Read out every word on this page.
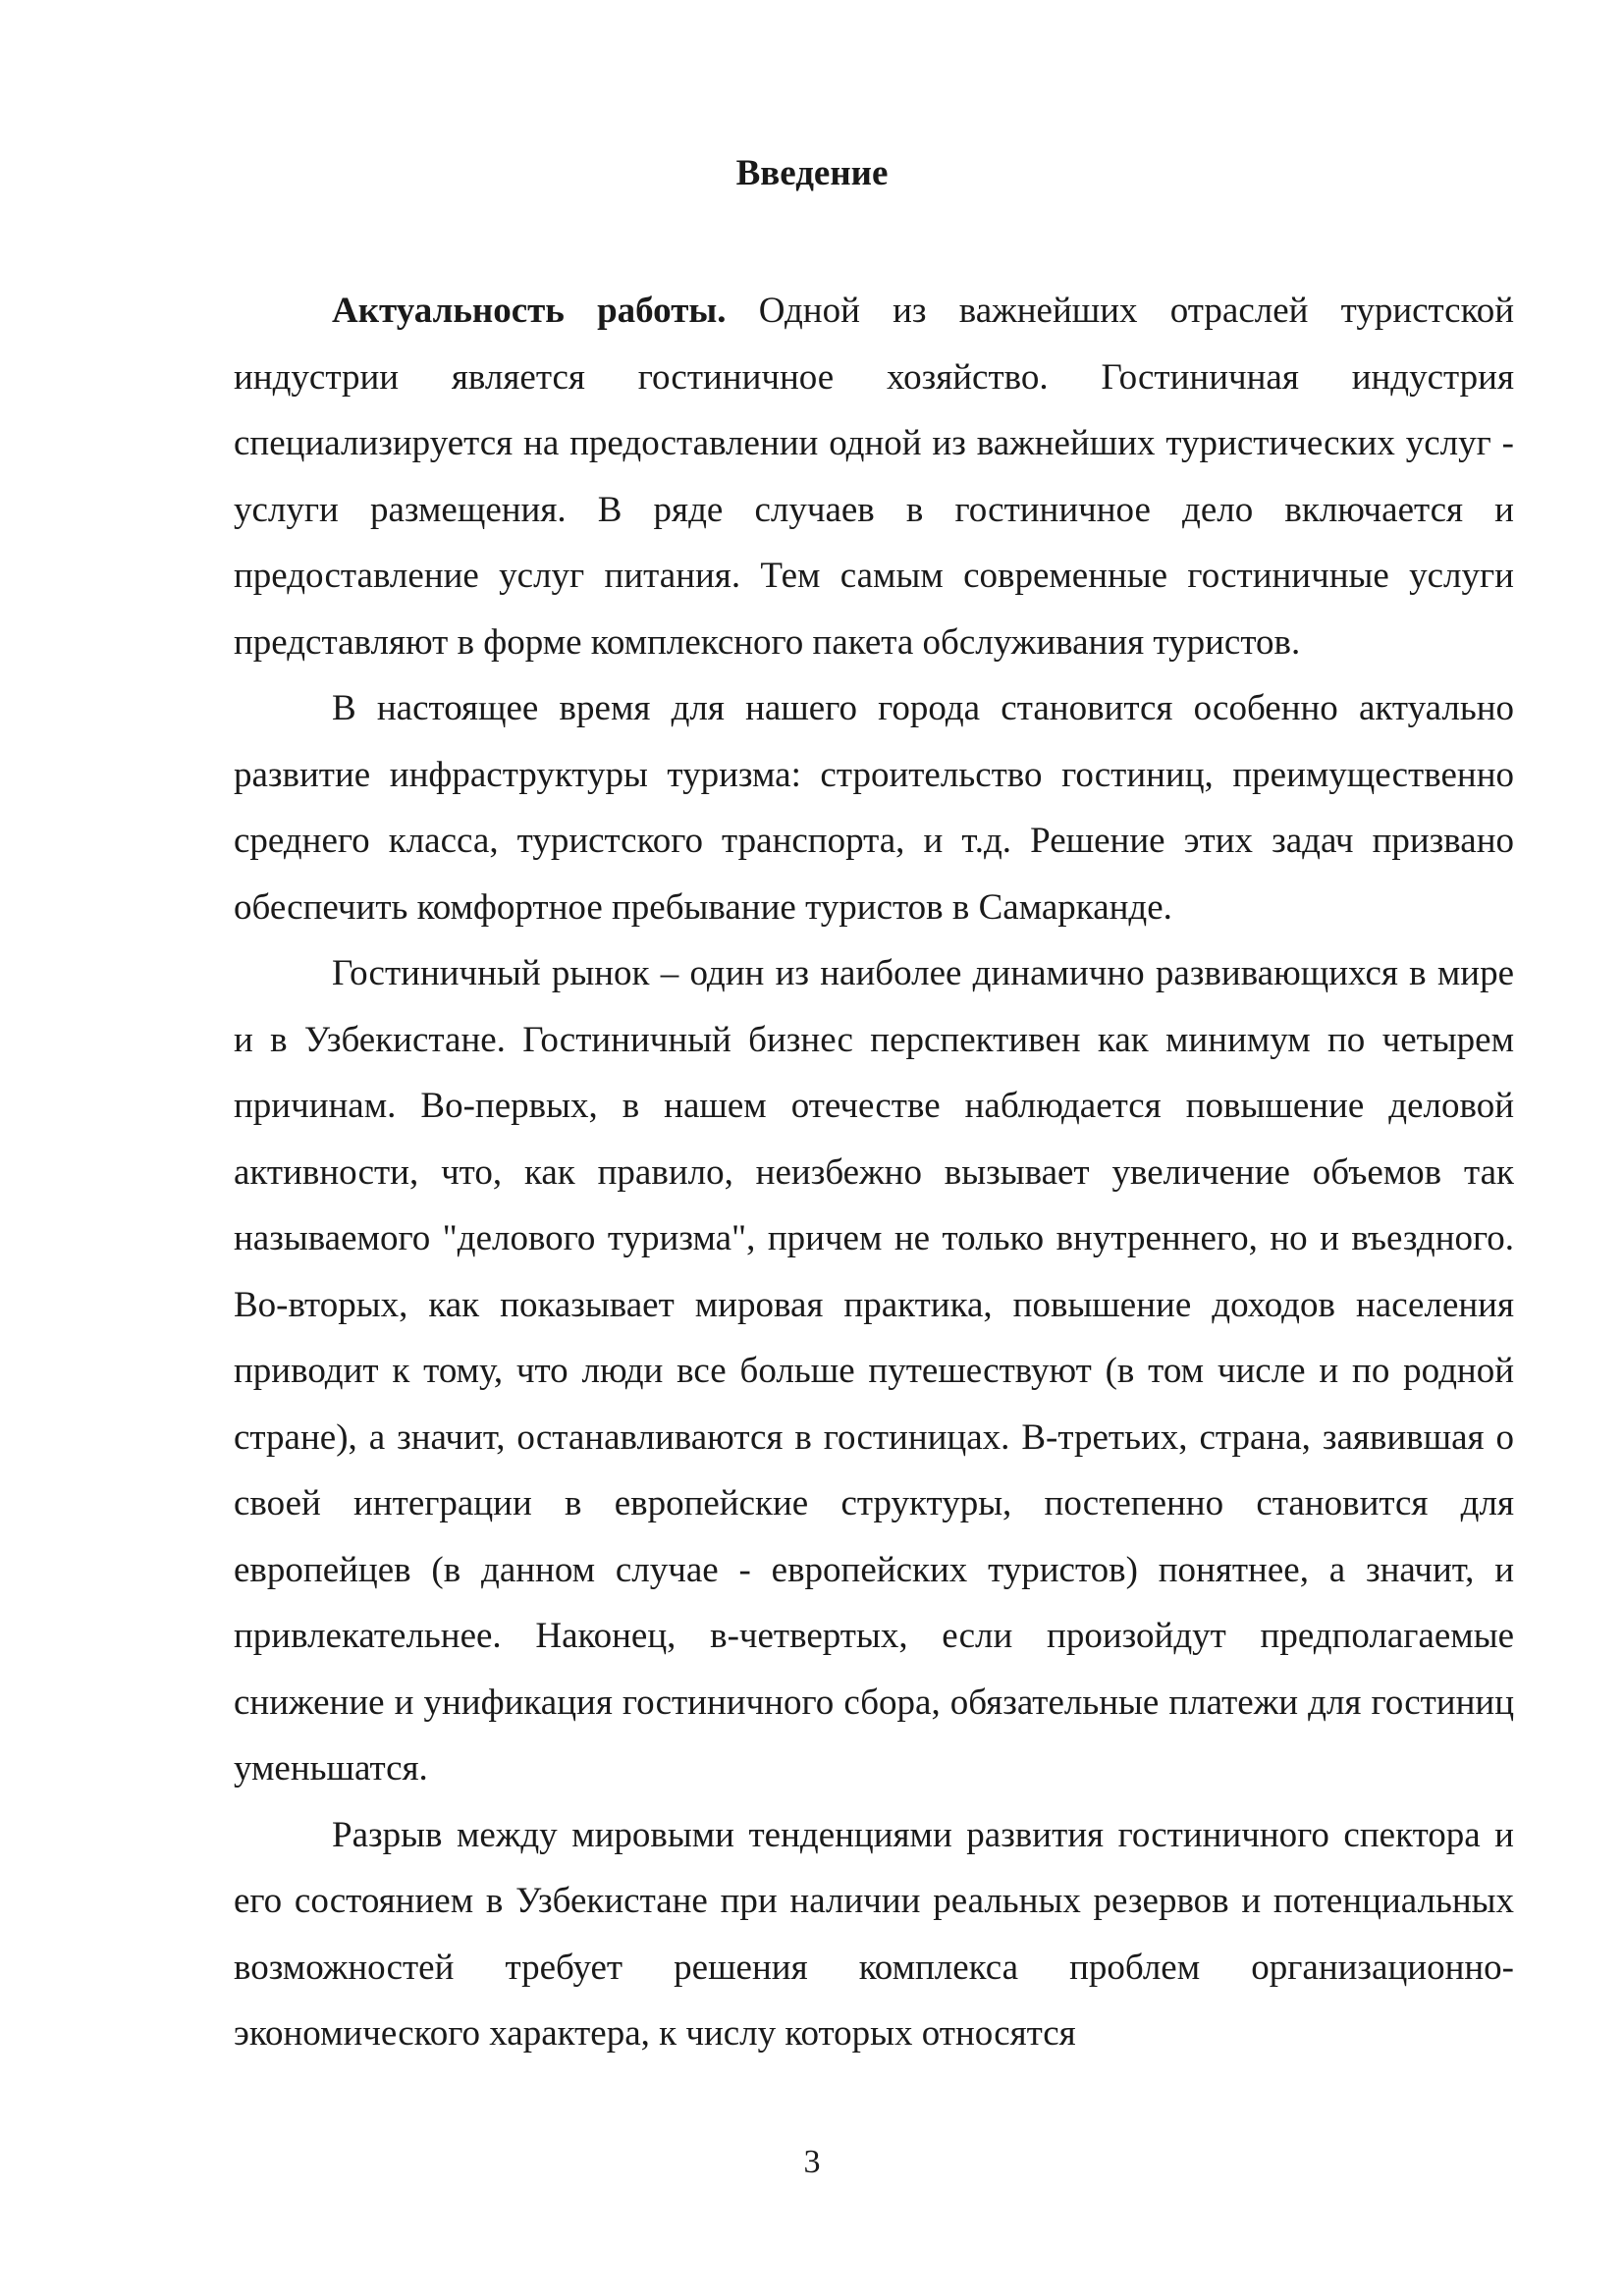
Введение

Актуальность работы. Одной из важнейших отраслей туристской индустрии является гостиничное хозяйство. Гостиничная индустрия специализируется на предоставлении одной из важнейших туристических услуг - услуги размещения. В ряде случаев в гостиничное дело включается и предоставление услуг питания. Тем самым современные гостиничные услуги представляют в форме комплексного пакета обслуживания туристов.

В настоящее время для нашего города становится особенно актуально развитие инфраструктуры туризма: строительство гостиниц, преимущественно среднего класса, туристского транспорта, и т.д. Решение этих задач призвано обеспечить комфортное пребывание туристов в Самарканде.

Гостиничный рынок – один из наиболее динамично развивающихся в мире и в Узбекистане. Гостиничный бизнес перспективен как минимум по четырем причинам. Во-первых, в нашем отечестве наблюдается повышение деловой активности, что, как правило, неизбежно вызывает увеличение объемов так называемого "делового туризма", причем не только внутреннего, но и въездного. Во-вторых, как показывает мировая практика, повышение доходов населения приводит к тому, что люди все больше путешествуют (в том числе и по родной стране), а значит, останавливаются в гостиницах. В-третьих, страна, заявившая о своей интеграции в европейские структуры, постепенно становится для европейцев (в данном случае - европейских туристов) понятнее, а значит, и привлекательнее. Наконец, в-четвертых, если произойдут предполагаемые снижение и унификация гостиничного сбора, обязательные платежи для гостиниц уменьшатся.

Разрыв между мировыми тенденциями развития гостиничного спектора и его состоянием в Узбекистане при наличии реальных резервов и потенциальных возможностей требует решения комплекса проблем организационно-экономического характера, к числу которых относятся

3
